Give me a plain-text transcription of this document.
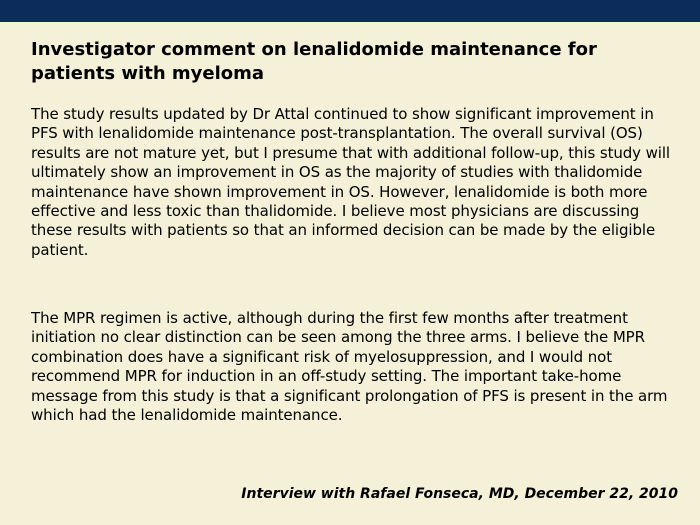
Investigator comment on lenalidomide maintenance for patients with myeloma

The study results updated by Dr Attal continued to show significant improvement in PFS with lenalidomide maintenance post-transplantation. The overall survival (OS) results are not mature yet, but I presume that with additional follow-up, this study will ultimately show an improvement in OS as the majority of studies with thalidomide maintenance have shown improvement in OS. However, lenalidomide is both more effective and less toxic than thalidomide. I believe most physicians are discussing these results with patients so that an informed decision can be made by the eligible patient.

The MPR regimen is active, although during the first few months after treatment initiation no clear distinction can be seen among the three arms. I believe the MPR combination does have a significant risk of myelosuppression, and I would not recommend MPR for induction in an off-study setting. The important take-home message from this study is that a significant prolongation of PFS is present in the arm which had the lenalidomide maintenance.

Interview with Rafael Fonseca, MD, December 22, 2010
